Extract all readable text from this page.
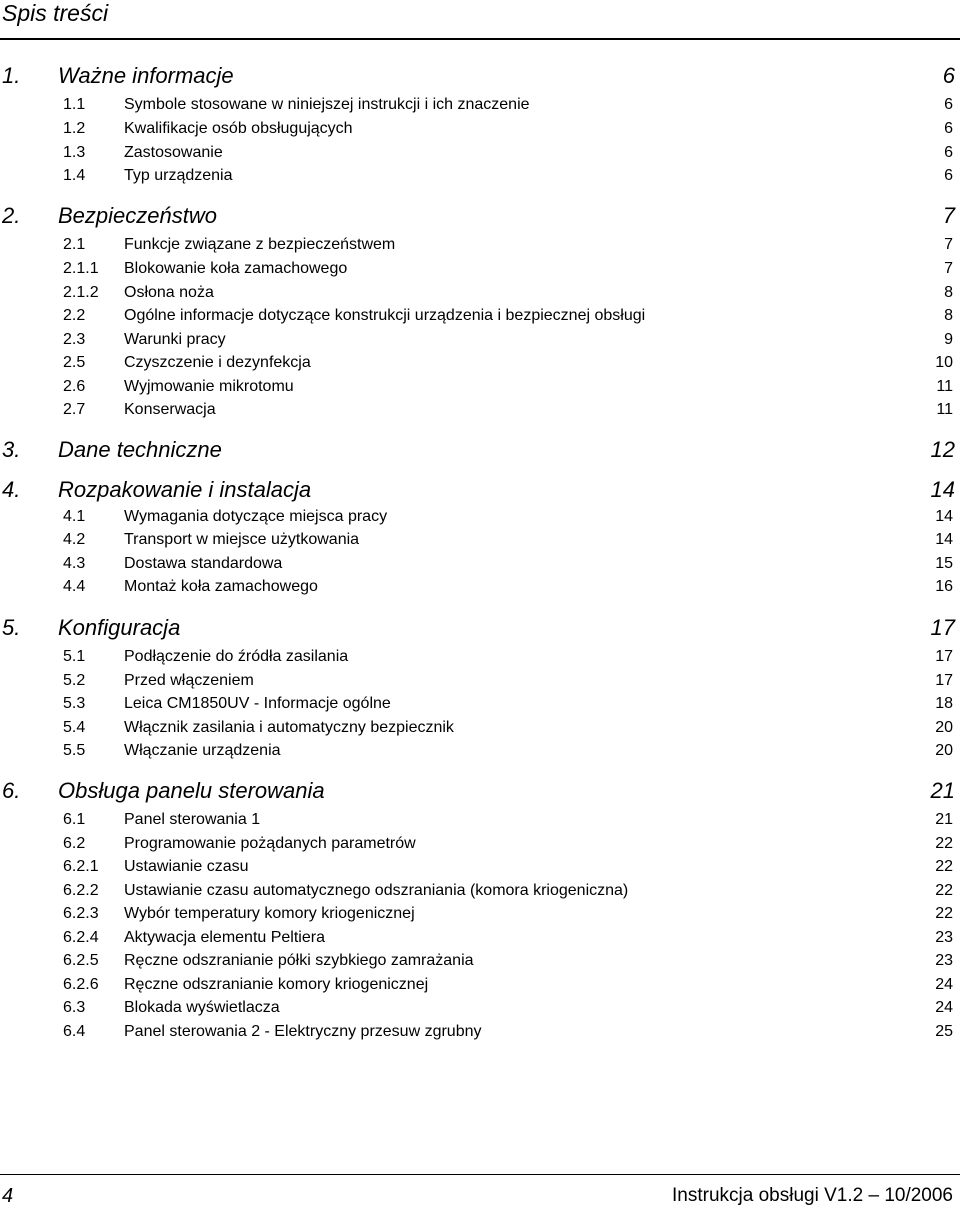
Spis treści
1.	Ważne informacje	6
1.1	Symbole stosowane w niniejszej instrukcji i ich znaczenie	6
1.2	Kwalifikacje osób obsługujących	6
1.3	Zastosowanie	6
1.4	Typ urządzenia	6
2.	Bezpieczeństwo	7
2.1	Funkcje związane z bezpieczeństwem	7
2.1.1	Blokowanie koła zamachowego	7
2.1.2	Osłona noża	8
2.2	Ogólne informacje dotyczące konstrukcji urządzenia i bezpiecznej obsługi	8
2.3	Warunki pracy	9
2.5	Czyszczenie i dezynfekcja	10
2.6	Wyjmowanie mikrotomu	11
2.7	Konserwacja	11
3.	Dane techniczne	12
4.	Rozpakowanie i instalacja	14
4.1	Wymagania dotyczące miejsca pracy	14
4.2	Transport w miejsce użytkowania	14
4.3	Dostawa standardowa	15
4.4	Montaż koła zamachowego	16
5.	Konfiguracja	17
5.1	Podłączenie do źródła zasilania	17
5.2	Przed włączeniem	17
5.3	Leica CM1850UV - Informacje ogólne	18
5.4	Włącznik zasilania i automatyczny bezpiecznik	20
5.5	Włączanie urządzenia	20
6.	Obsługa panelu sterowania	21
6.1	Panel sterowania 1	21
6.2	Programowanie pożądanych parametrów	22
6.2.1	Ustawianie czasu	22
6.2.2	Ustawianie czasu automatycznego odszraniania (komora kriogeniczna)	22
6.2.3	Wybór temperatury komory kriogenicznej	22
6.2.4	Aktywacja elementu Peltiera	23
6.2.5	Ręczne odszranianie półki szybkiego zamrażania	23
6.2.6	Ręczne odszranianie komory kriogenicznej	24
6.3	Blokada wyświetlacza	24
6.4	Panel sterowania 2 - Elektryczny przesuw zgrubny	25
4	Instrukcja obsługi V1.2 – 10/2006
